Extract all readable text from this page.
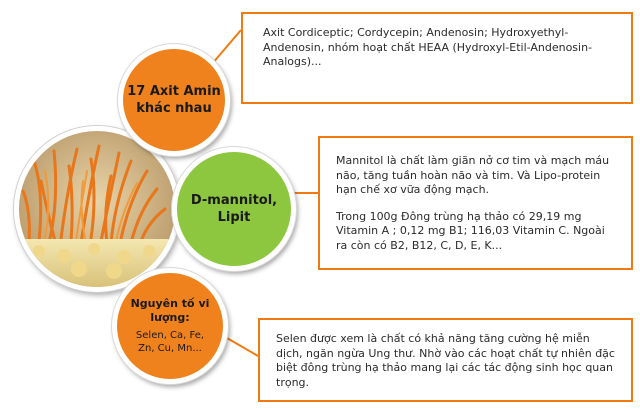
Axit Cordiceptic; Cordycepin; Andenosin; Hydroxyethyl-Andenosin, nhóm hoạt chất HEAA (Hydroxyl-Etil-Andenosin-Analogs)...

Mannitol là chất làm giãn nở cơ tim và mạch máu não, tăng tuần hoàn não và tim. Và Lipo-protein hạn chế xơ vữa động mạch.

Trong 100g Đông trùng hạ thảo có 29,19 mg Vitamin A ; 0,12 mg B1; 116,03 Vitamin C. Ngoài ra còn có B2, B12, C, D, E, K...

Selen được xem là chất có khả năng tăng cường hệ miễn dịch, ngăn ngừa Ung thư. Nhờ vào các hoạt chất tự nhiên đặc biệt đông trùng hạ thảo mang lại các tác động sinh học quan trọng.

17 Axit Amin khác nhau
D-mannitol, Lipit
Nguyên tố vi lượng:
Selen, Ca, Fe, Zn, Cu, Mn...
